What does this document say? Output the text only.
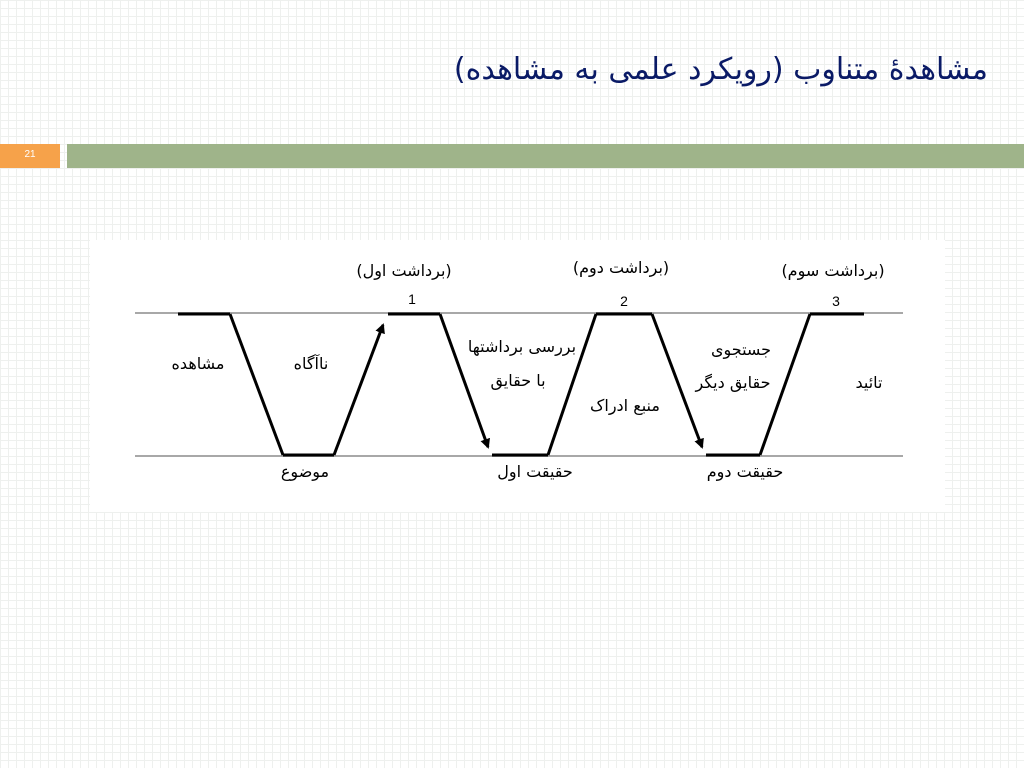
مشاهدۀ متناوب (رویکرد علمی به مشاهده)
21
(برداشت اول)	(برداشت دوم)	(برداشت سوم)
1	2	3
مشاهده	ناآگاه
بررسی برداشتها
با حقایق
منبع ادراک
جستجوی
حقایق دیگر	تائید
موضوع	حقیقت اول	حقیقت دوم
